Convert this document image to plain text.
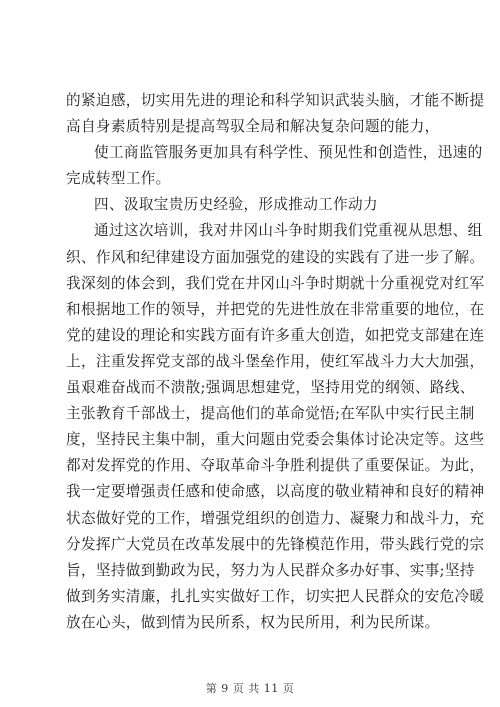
的紧迫感，切实用先进的理论和科学知识武装头脑，才能不断提
高自身素质特别是提高驾驭全局和解决复杂问题的能力，
使工商监管服务更加具有科学性、预见性和创造性，迅速的
完成转型工作。
四、汲取宝贵历史经验，形成推动工作动力
通过这次培训，我对井冈山斗争时期我们党重视从思想、组
织、作风和纪律建设方面加强党的建设的实践有了进一步了解。
我深刻的体会到，我们党在井冈山斗争时期就十分重视党对红军
和根据地工作的领导，并把党的先进性放在非常重要的地位，在
党的建设的理论和实践方面有许多重大创造，如把党支部建在连
上，注重发挥党支部的战斗堡垒作用，使红军战斗力大大加强，
虽艰难奋战而不溃散;强调思想建党，坚持用党的纲领、路线、
主张教育千部战士，提高他们的革命觉悟;在军队中实行民主制
度，坚持民主集中制，重大问题由党委会集体讨论决定等。这些
都对发挥党的作用、夺取革命斗争胜利提供了重要保证。为此，
我一定要增强责任感和使命感，以高度的敬业精神和良好的精神
状态做好党的工作，增强党组织的创造力、凝聚力和战斗力，充
分发挥广大党员在改革发展中的先锋模范作用，带头践行党的宗
旨，坚持做到勤政为民，努力为人民群众多办好事、实事;坚持
做到务实清廉，扎扎实实做好工作，切实把人民群众的安危冷暖
放在心头，做到情为民所系，权为民所用，利为民所谋。
第 9 页 共 11 页
